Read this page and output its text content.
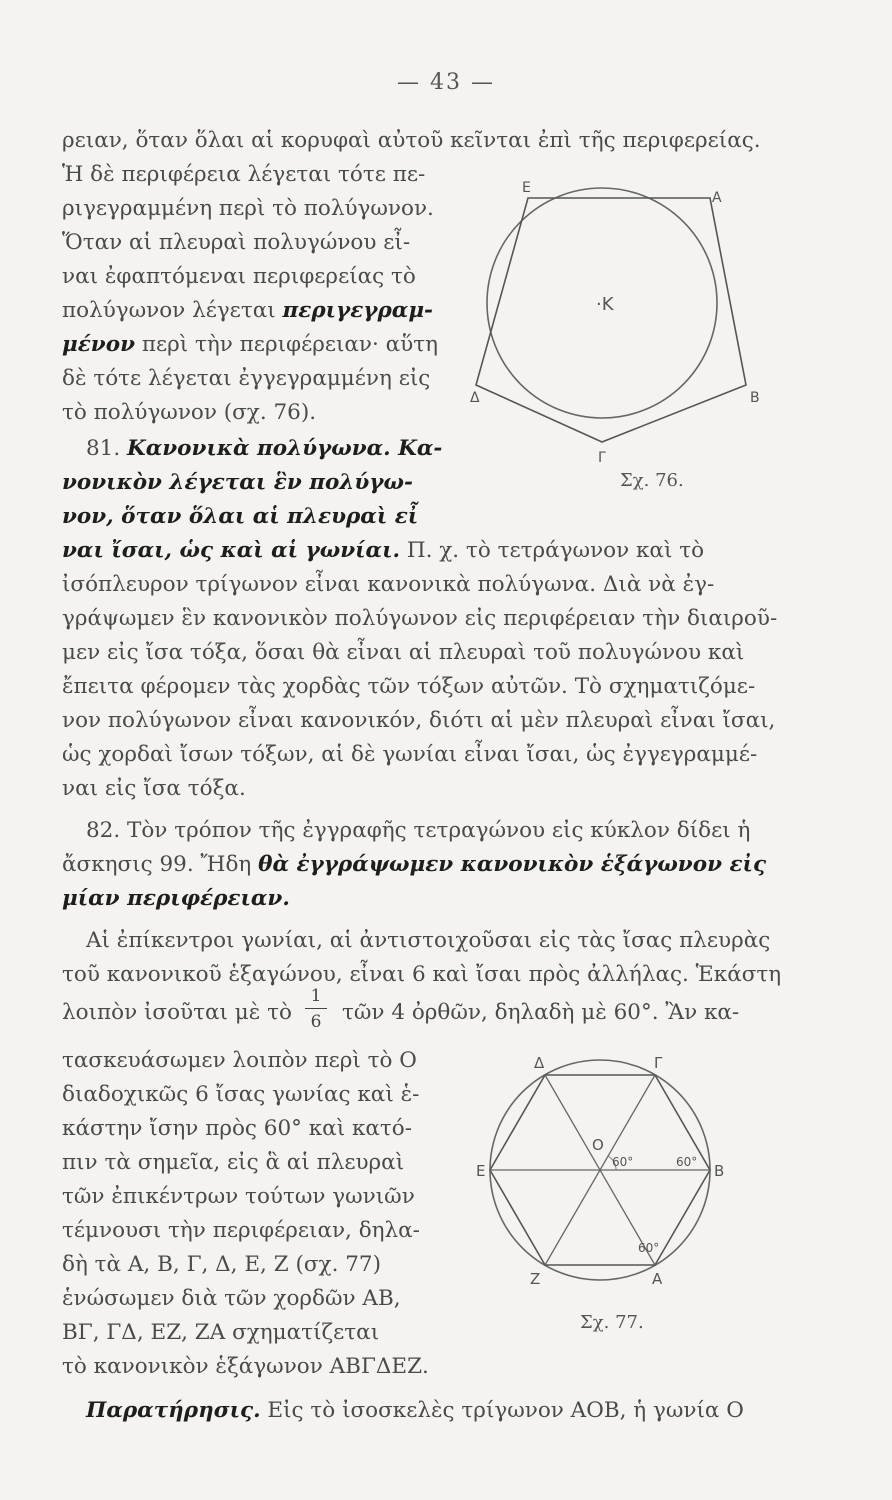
— 43 —
ρειαν, ὅταν ὅλαι αἱ κορυφαὶ αὐτοῦ κεῖνται ἐπὶ τῆς περιφερείας.
Ἡ δὲ περιφέρεια λέγεται τότε πε-
ριγεγραμμένη περὶ τὸ πολύγωνον.
Ὅταν αἱ πλευραὶ πολυγώνου εἶ-
ναι ἐφαπτόμεναι περιφερείας τὸ
πολύγωνον λέγεται περιγεγραμ-
μένον περὶ τὴν περιφέρειαν· αὕτη
δὲ τότε λέγεται ἐγγεγραμμένη εἰς
τὸ πολύγωνον (σχ. 76).
E
A
·K
Δ	B
Γ
Σχ. 76.
81. Κανονικὰ πολύγωνα. Κα-
νονικὸν λέγεται ἓν πολύγω-
νον, ὅταν ὅλαι αἱ πλευραὶ εἶ
ναι ἴσαι, ὡς καὶ αἱ γωνίαι. Π. χ. τὸ τετράγωνον καὶ τὸ
ἰσόπλευρον τρίγωνον εἶναι κανονικὰ πολύγωνα. Διὰ νὰ ἐγ-
γράψωμεν ἓν κανονικὸν πολύγωνον εἰς περιφέρειαν τὴν διαιροῦ-
μεν εἰς ἴσα τόξα, ὅσαι θὰ εἶναι αἱ πλευραὶ τοῦ πολυγώνου καὶ
ἔπειτα φέρομεν τὰς χορδὰς τῶν τόξων αὐτῶν. Τὸ σχηματιζόμε-
νον πολύγωνον εἶναι κανονικόν, διότι αἱ μὲν πλευραὶ εἶναι ἴσαι,
ὡς χορδαὶ ἴσων τόξων, αἱ δὲ γωνίαι εἶναι ἴσαι, ὡς ἐγγεγραμμέ-
ναι εἰς ἴσα τόξα.
82. Τὸν τρόπον τῆς ἐγγραφῆς τετραγώνου εἰς κύκλον δίδει ἡ
ἄσκησις 99. Ἤδη θὰ ἐγγράψωμεν κανονικὸν ἑξάγωνον εἰς
μίαν περιφέρειαν.
Αἱ ἐπίκεντροι γωνίαι, αἱ ἀντιστοιχοῦσαι εἰς τὰς ἴσας πλευρὰς
τοῦ κανονικοῦ ἑξαγώνου, εἶναι 6 καὶ ἴσαι πρὸς ἀλλήλας. Ἑκάστη
λοιπὸν ἰσοῦται μὲ τὸ
1
6 τῶν 4 ὀρθῶν, δηλαδὴ μὲ 60°. Ἂν κα-
τασκευάσωμεν λοιπὸν περὶ τὸ Ο
διαδοχικῶς 6 ἴσας γωνίας καὶ ἑ-
κάστην ἴσην πρὸς 60° καὶ κατό-
πιν τὰ σημεῖα, εἰς ἃ αἱ πλευραὶ
τῶν ἐπικέντρων τούτων γωνιῶν
τέμνουσι τὴν περιφέρειαν, δηλα-
δὴ τὰ Α, Β, Γ, Δ, Ε, Ζ (σχ. 77)
ἑνώσωμεν διὰ τῶν χορδῶν ΑΒ,
ΒΓ, ΓΔ, ΕΖ, ΖΑ σχηματίζεται
τὸ κανονικὸν ἑξάγωνον ΑΒΓΔΕΖ.
Δ	Γ
E	B
Z	A
O
60°	60°
60°
Σχ. 77.
Παρατήρησις. Εἰς τὸ ἰσοσκελὲς τρίγωνον ΑΟΒ, ἡ γωνία Ο
